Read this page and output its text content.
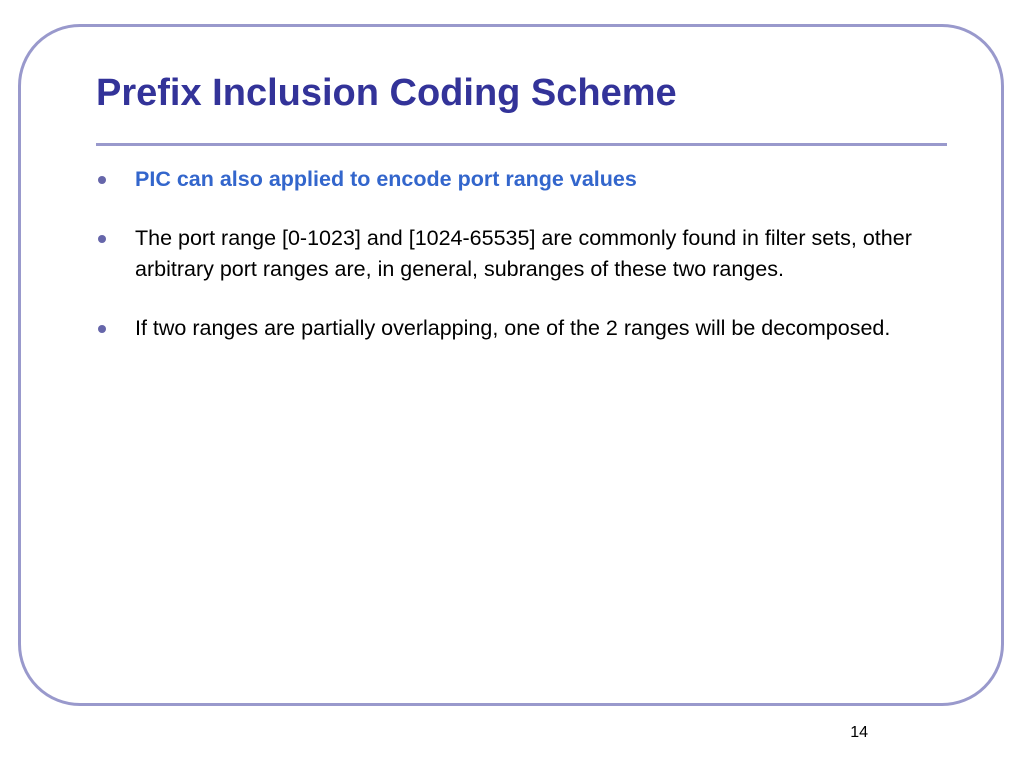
Prefix Inclusion Coding Scheme
PIC can also applied to encode port range values
The port range [0-1023] and [1024-65535] are commonly found in filter sets, other arbitrary port ranges are, in general, subranges of these two ranges.
If two ranges are partially overlapping, one of the 2 ranges will be decomposed.
14
